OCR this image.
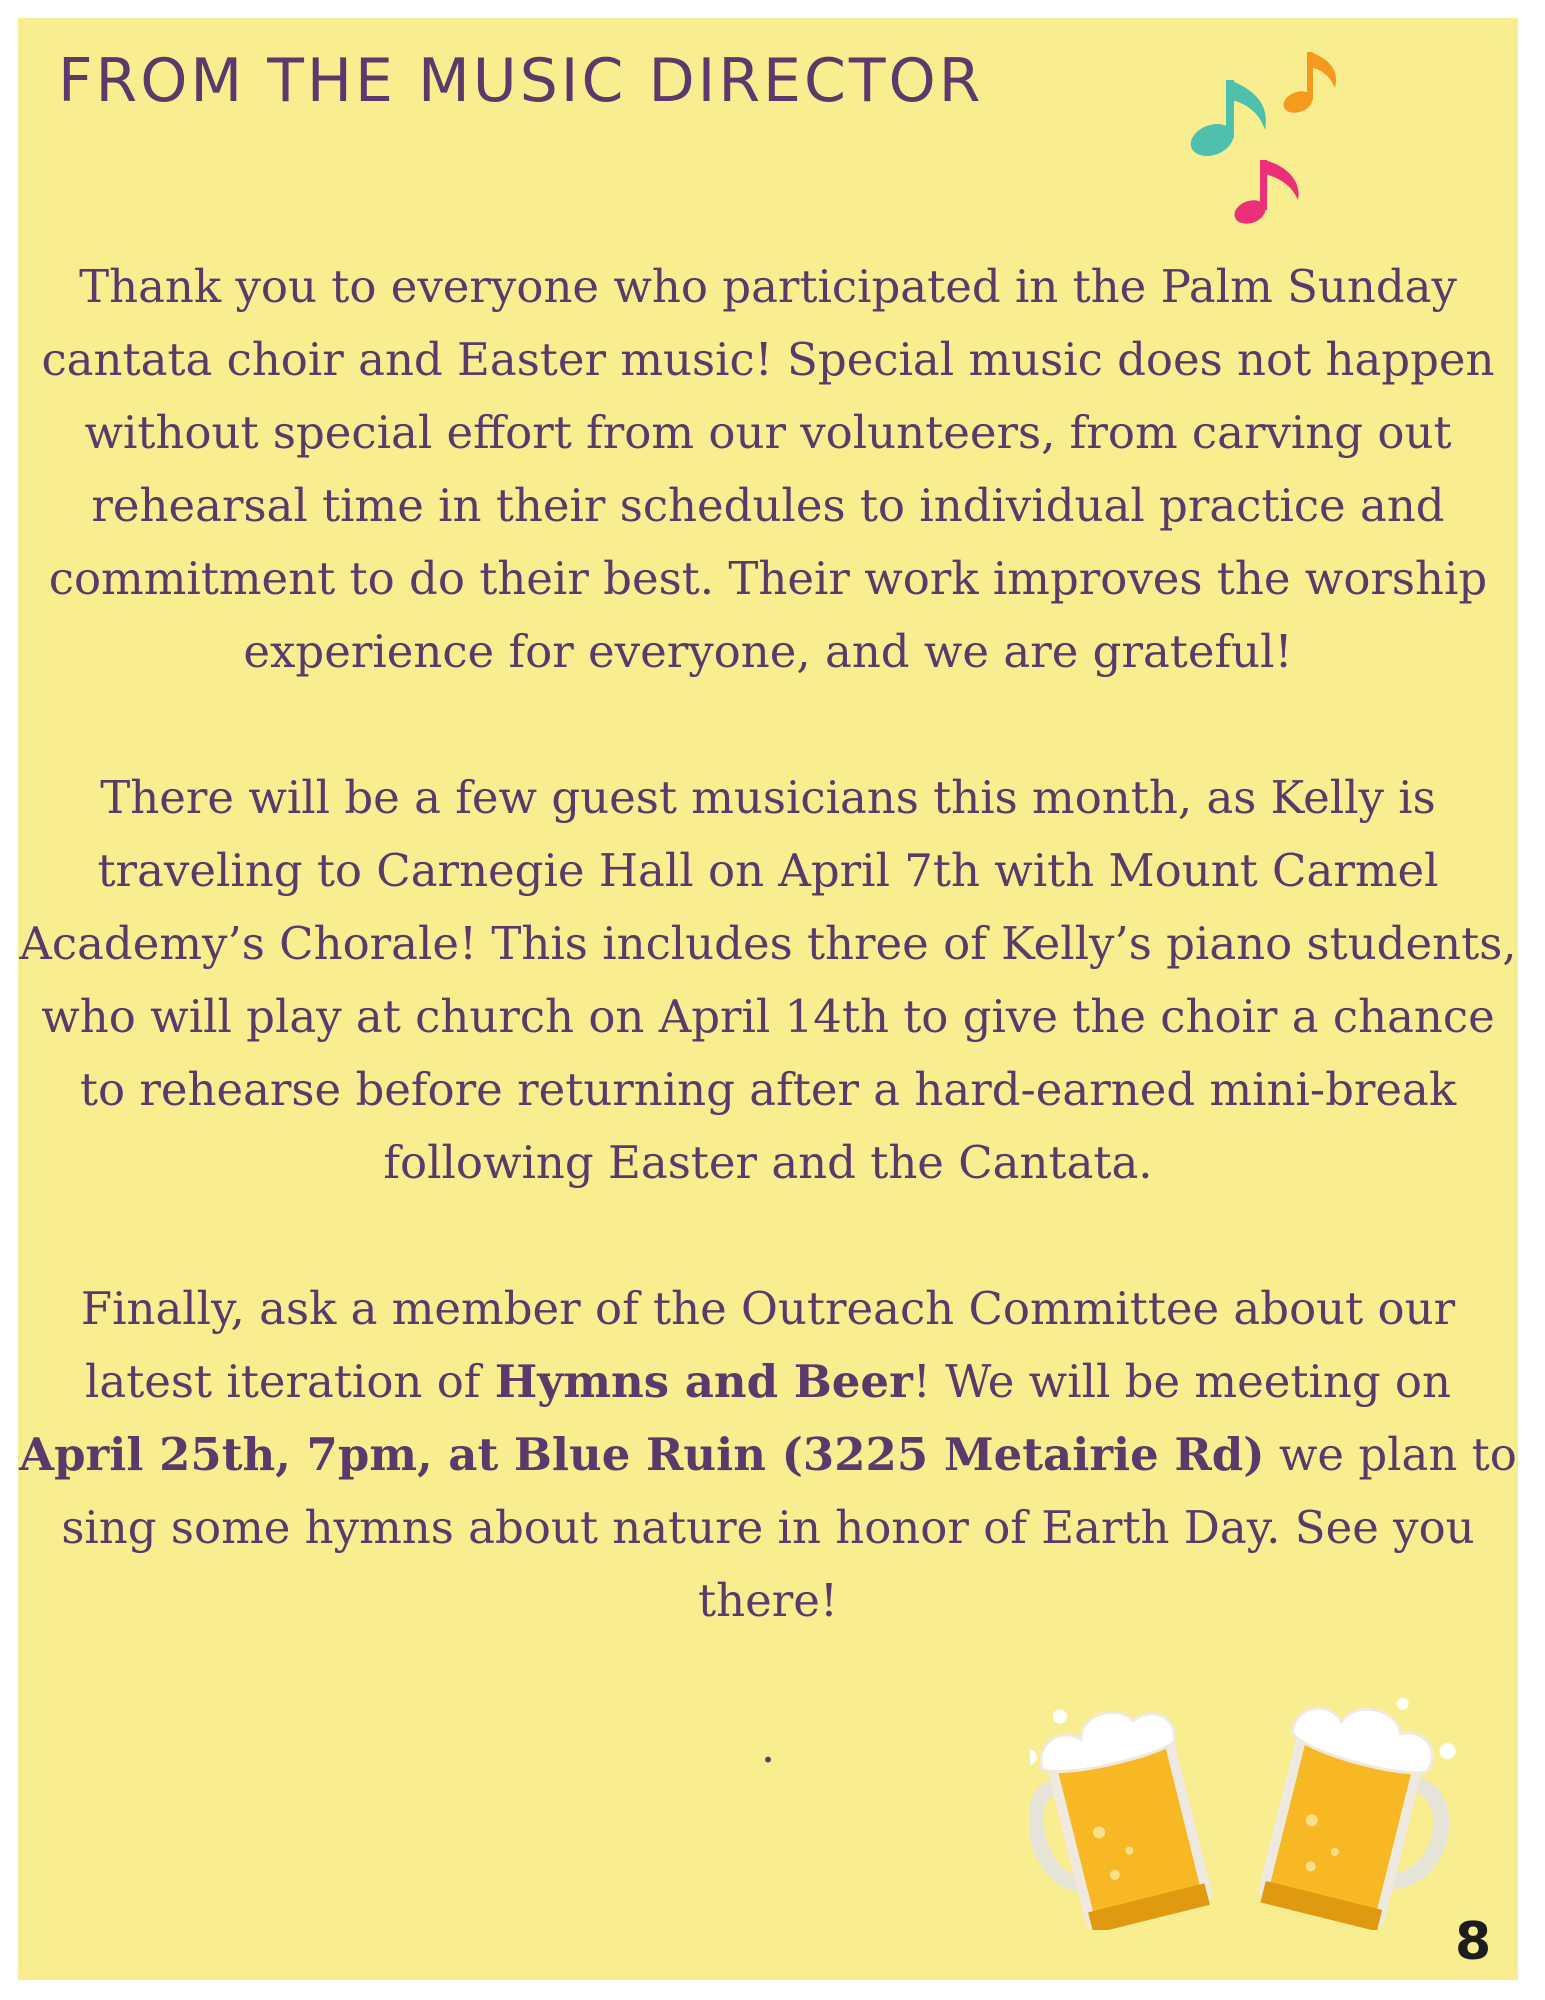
FROM THE MUSIC DIRECTOR

Thank you to everyone who participated in the Palm Sunday cantata choir and Easter music! Special music does not happen without special effort from our volunteers, from carving out rehearsal time in their schedules to individual practice and commitment to do their best. Their work improves the worship experience for everyone, and we are grateful!

There will be a few guest musicians this month, as Kelly is traveling to Carnegie Hall on April 7th with Mount Carmel Academy’s Chorale! This includes three of Kelly’s piano students, who will play at church on April 14th to give the choir a chance to rehearse before returning after a hard-earned mini-break following Easter and the Cantata.

Finally, ask a member of the Outreach Committee about our latest iteration of Hymns and Beer! We will be meeting on April 25th, 7pm, at Blue Ruin (3225 Metairie Rd) we plan to sing some hymns about nature in honor of Earth Day. See you there!

.
8
